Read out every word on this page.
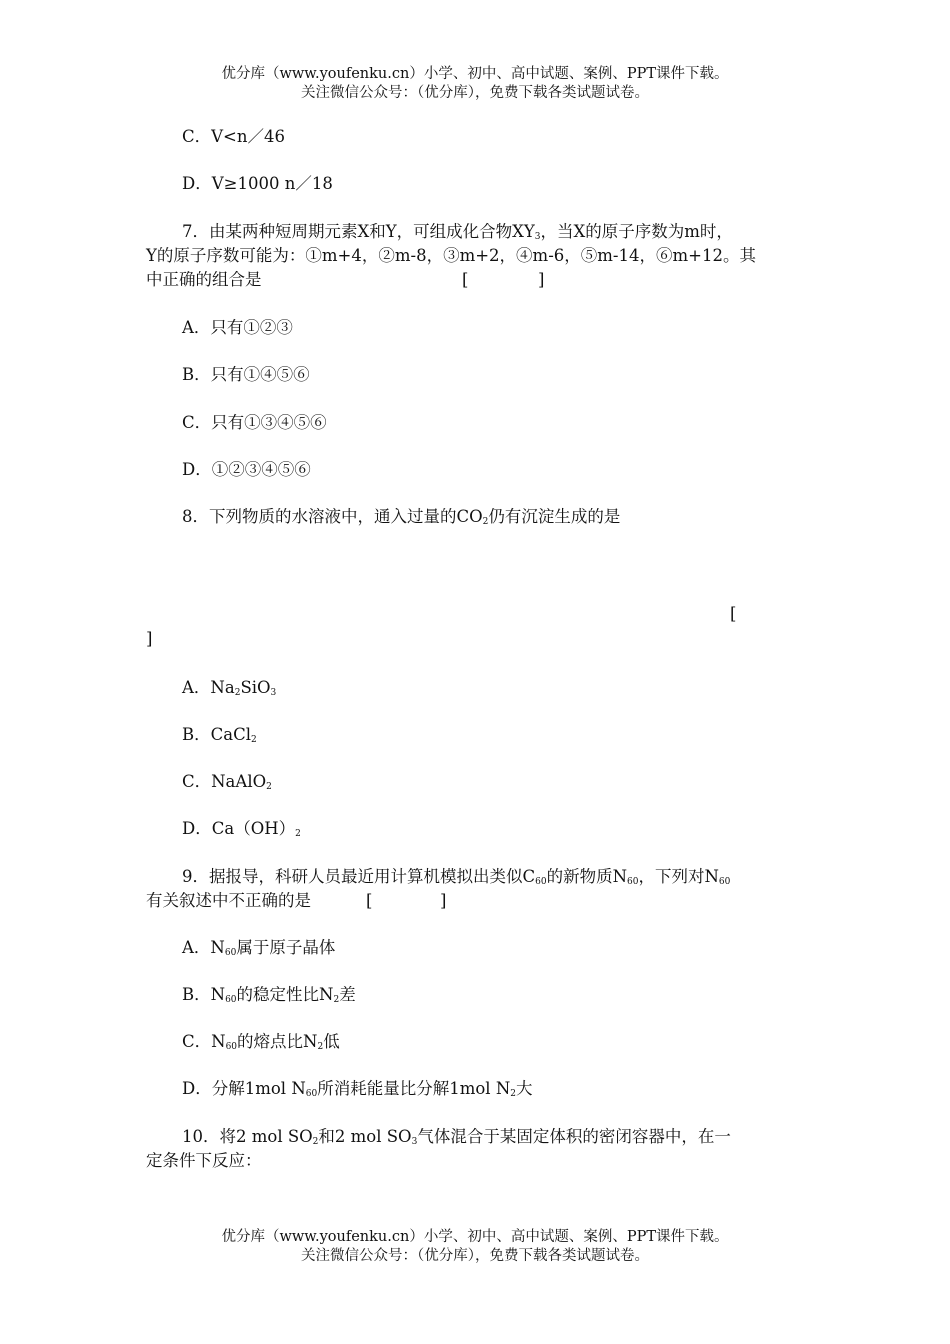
优分库（www.youfenku.cn）小学、初中、高中试题、案例、PPT课件下载。
关注微信公众号：（优分库），免费下载各类试题试卷。
C．V<n／46
D．V≥1000 n／18
7．由某两种短周期元素X和Y，可组成化合物$XY_3$，当X的原子序数为m时，
Y的原子序数可能为：①m+4，②m-8，③m+2，④m-6，⑤m-14，⑥m+12。其
中正确的组合是	[	]
A．只有①②③
B．只有①④⑤⑥
C．只有①③④⑤⑥
D．①②③④⑤⑥
8．下列物质的水溶液中，通入过量的$CO_2$仍有沉淀生成的是
[
]
A．$Na_2SiO_3$
B．CaCl$_2$
C．NaAlO$_2$
D．$Ca(OH)_2$
9．据报导，科研人员最近用计算机模拟出类似$C_{60}$的新物质$N_{60}$，下列对$N_{60}$
有关叙述中不正确的是	[	]
A．$N_{60}$属于原子晶体
B．$N_{60}$的稳定性比$N_2$差
C．$N_{60}$的熔点比$N_2$低
D．分解1mol $N_{60}$所消耗能量比分解1mol $N_2$大
10．将2 mol $SO_2$和2 mol $SO_3$气体混合于某固定体积的密闭容器中，在一
定条件下反应：
优分库（www.youfenku.cn）小学、初中、高中试题、案例、PPT课件下载。
关注微信公众号：（优分库），免费下载各类试题试卷。
